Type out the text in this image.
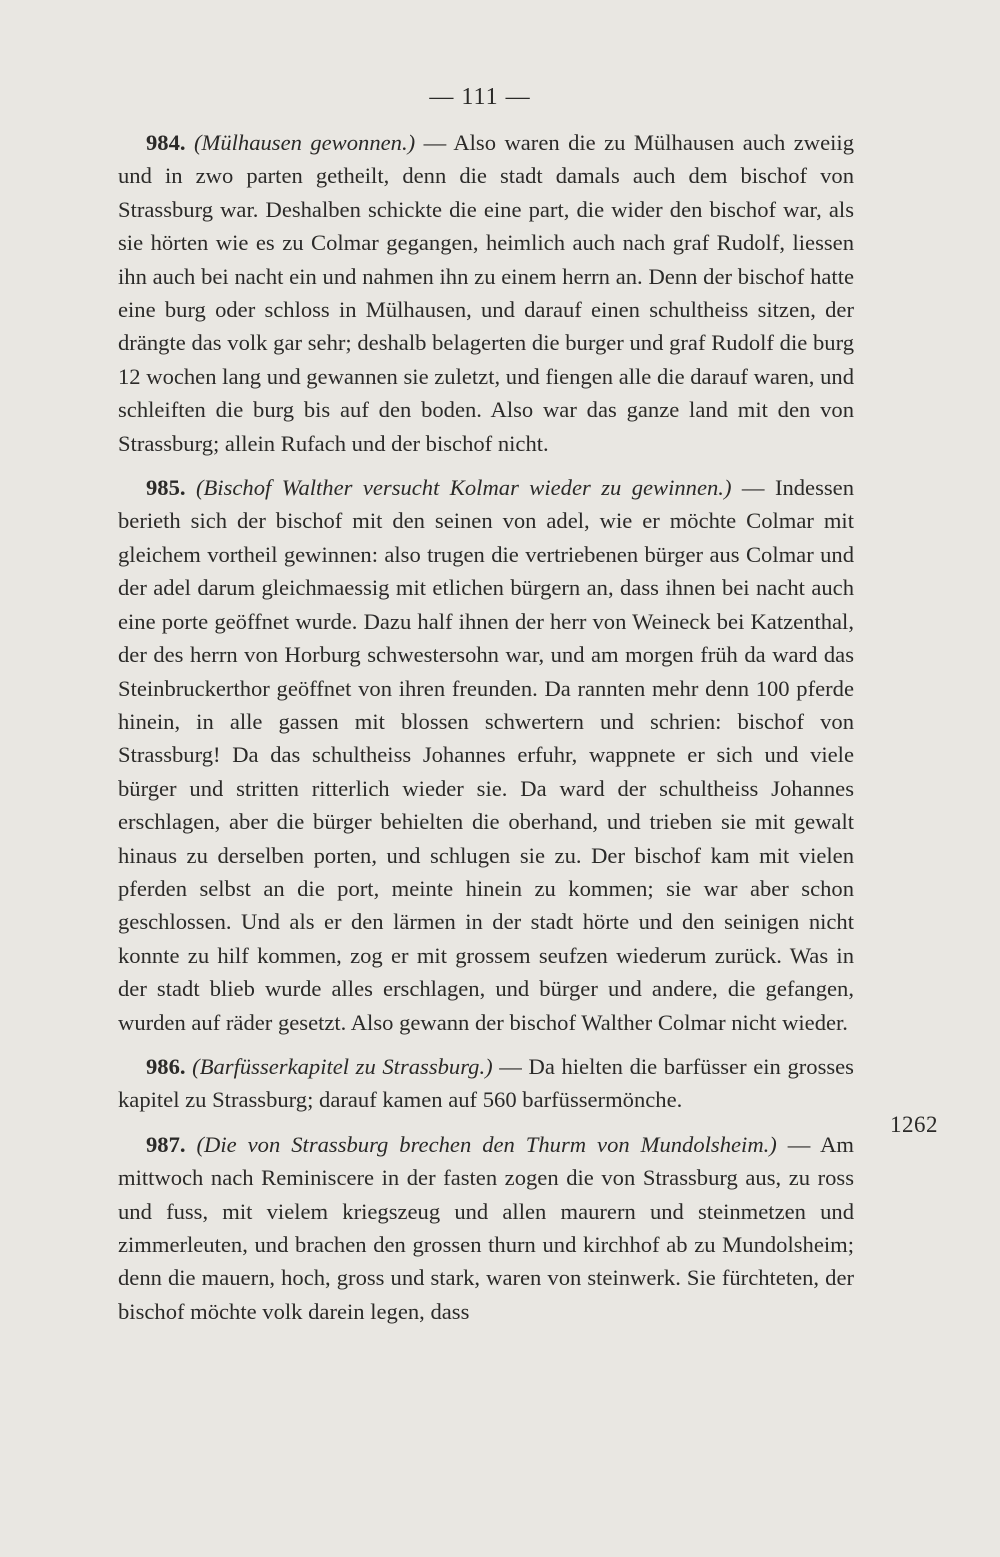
— 111 —

984. (Mülhausen gewonnen.) — Also waren die zu Mülhausen auch zweiig und in zwo parten getheilt, denn die stadt damals auch dem bischof von Strassburg war. Deshalben schickte die eine part, die wider den bischof war, als sie hörten wie es zu Colmar gegangen, heimlich auch nach graf Rudolf, liessen ihn auch bei nacht ein und nahmen ihn zu einem herrn an. Denn der bischof hatte eine burg oder schloss in Mülhausen, und darauf einen schultheiss sitzen, der drängte das volk gar sehr; deshalb belagerten die burger und graf Rudolf die burg 12 wochen lang und gewannen sie zuletzt, und fiengen alle die darauf waren, und schleiften die burg bis auf den boden. Also war das ganze land mit den von Strassburg; allein Rufach und der bischof nicht.

985. (Bischof Walther versucht Kolmar wieder zu gewinnen.) — Indessen berieth sich der bischof mit den seinen von adel, wie er möchte Colmar mit gleichem vortheil gewinnen: also trugen die vertriebenen bürger aus Colmar und der adel darum gleichmaessig mit etlichen bürgern an, dass ihnen bei nacht auch eine porte geöffnet wurde. Dazu half ihnen der herr von Weineck bei Katzenthal, der des herrn von Horburg schwestersohn war, und am morgen früh da ward das Steinbruckerthor geöffnet von ihren freunden. Da rannten mehr denn 100 pferde hinein, in alle gassen mit blossen schwertern und schrien: bischof von Strassburg! Da das schultheiss Johannes erfuhr, wappnete er sich und viele bürger und stritten ritterlich wieder sie. Da ward der schultheiss Johannes erschlagen, aber die bürger behielten die oberhand, und trieben sie mit gewalt hinaus zu derselben porten, und schlugen sie zu. Der bischof kam mit vielen pferden selbst an die port, meinte hinein zu kommen; sie war aber schon geschlossen. Und als er den lärmen in der stadt hörte und den seinigen nicht konnte zu hilf kommen, zog er mit grossem seufzen wiederum zurück. Was in der stadt blieb wurde alles erschlagen, und bürger und andere, die gefangen, wurden auf räder gesetzt. Also gewann der bischof Walther Colmar nicht wieder.

986. (Barfüsserkapitel zu Strassburg.) — Da hielten die barfüsser ein grosses kapitel zu Strassburg; darauf kamen auf 560 barfüssermönche.

987. (Die von Strassburg brechen den Thurm von Mundolsheim.) — Am mittwoch nach Reminiscere in der fasten zogen die von Strassburg aus, zu ross und fuss, mit vielem kriegszeug und allen maurern und steinmetzen und zimmerleuten, und brachen den grossen thurn und kirchhof ab zu Mundolsheim; denn die mauern, hoch, gross und stark, waren von steinwerk. Sie fürchteten, der bischof möchte volk darein legen, dass

1262
